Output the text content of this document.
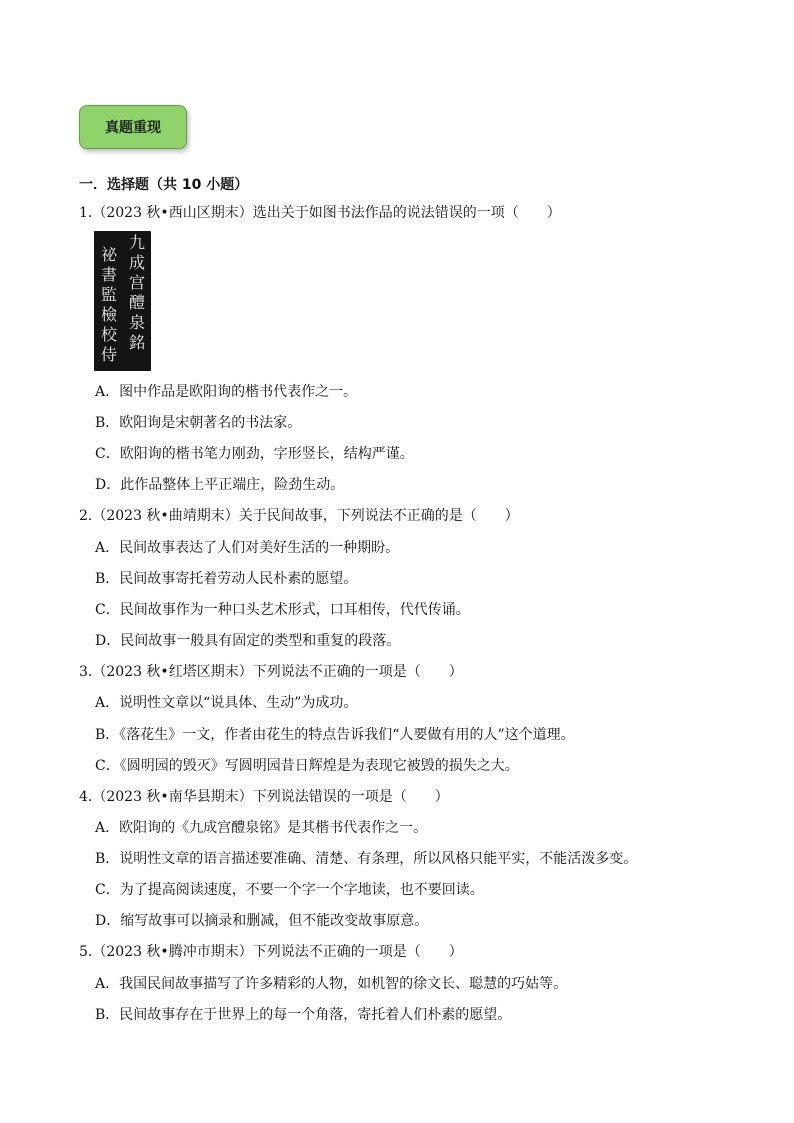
真题重现
一．选择题（共 10 小题）
1.（2023 秋•西山区期末）选出关于如图书法作品的说法错误的一项（　　）
九
成
宫
醴
泉
銘
祕
書
監
檢
校
侍
A．图中作品是欧阳询的楷书代表作之一。
B．欧阳询是宋朝著名的书法家。
C．欧阳询的楷书笔力刚劲，字形竖长，结构严谨。
D．此作品整体上平正端庄，险劲生动。
2.（2023 秋•曲靖期末）关于民间故事，下列说法不正确的是（　　）
A．民间故事表达了人们对美好生活的一种期盼。
B．民间故事寄托着劳动人民朴素的愿望。
C．民间故事作为一种口头艺术形式，口耳相传，代代传诵。
D．民间故事一般具有固定的类型和重复的段落。
3.（2023 秋•红塔区期末）下列说法不正确的一项是（　　）
A．说明性文章以“说具体、生动”为成功。
B．《落花生》一文，作者由花生的特点告诉我们“人要做有用的人”这个道理。
C．《圆明园的毁灭》写圆明园昔日辉煌是为表现它被毁的损失之大。
4.（2023 秋•南华县期末）下列说法错误的一项是（　　）
A．欧阳询的《九成宫醴泉铭》是其楷书代表作之一。
B．说明性文章的语言描述要准确、清楚、有条理，所以风格只能平实，不能活泼多变。
C．为了提高阅读速度，不要一个字一个字地读，也不要回读。
D．缩写故事可以摘录和删减，但不能改变故事原意。
5.（2023 秋•腾冲市期末）下列说法不正确的一项是（　　）
A．我国民间故事描写了许多精彩的人物，如机智的徐文长、聪慧的巧姑等。
B．民间故事存在于世界上的每一个角落，寄托着人们朴素的愿望。
